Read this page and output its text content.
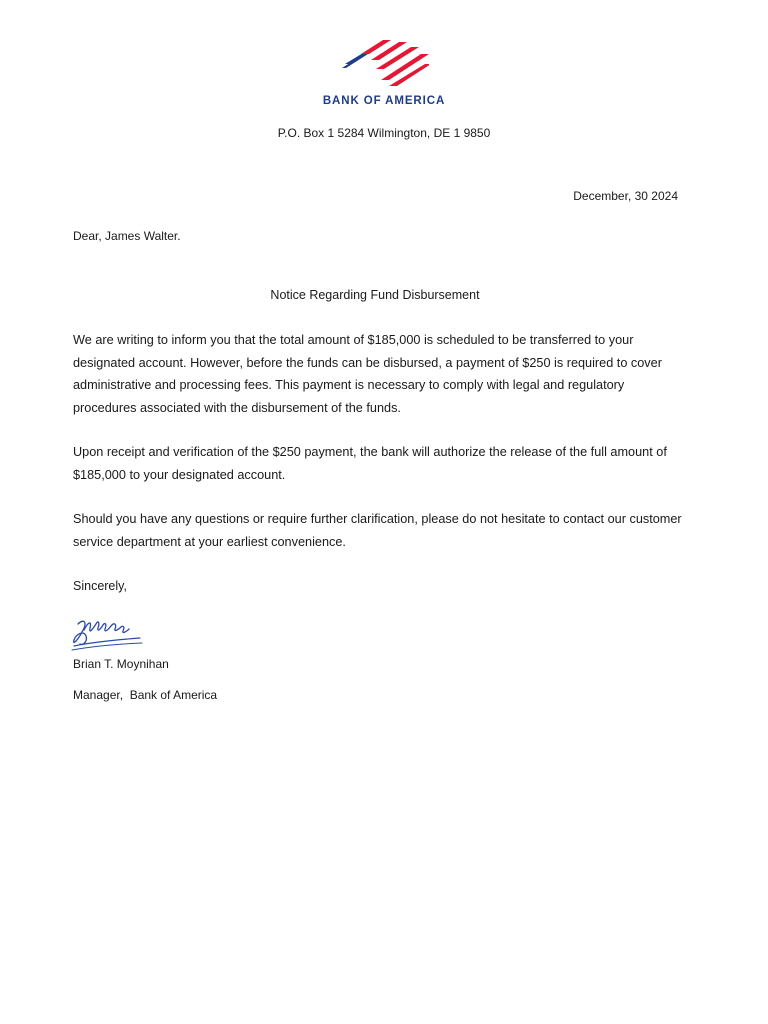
BANK OF AMERICA
P.O. Box 1 5284 Wilmington, DE 1 9850
December, 30 2024
Dear, James Walter.
Notice Regarding Fund Disbursement

We are writing to inform you that the total amount of $185,000 is scheduled to be transferred to your designated account. However, before the funds can be disbursed, a payment of $250 is required to cover administrative and processing fees. This payment is necessary to comply with legal and regulatory procedures associated with the disbursement of the funds.

Upon receipt and verification of the $250 payment, the bank will authorize the release of the full amount of $185,000 to your designated account.

Should you have any questions or require further clarification, please do not hesitate to contact our customer service department at your earliest convenience.

Sincerely,
Brian T. Moynihan
Manager,  Bank of America
